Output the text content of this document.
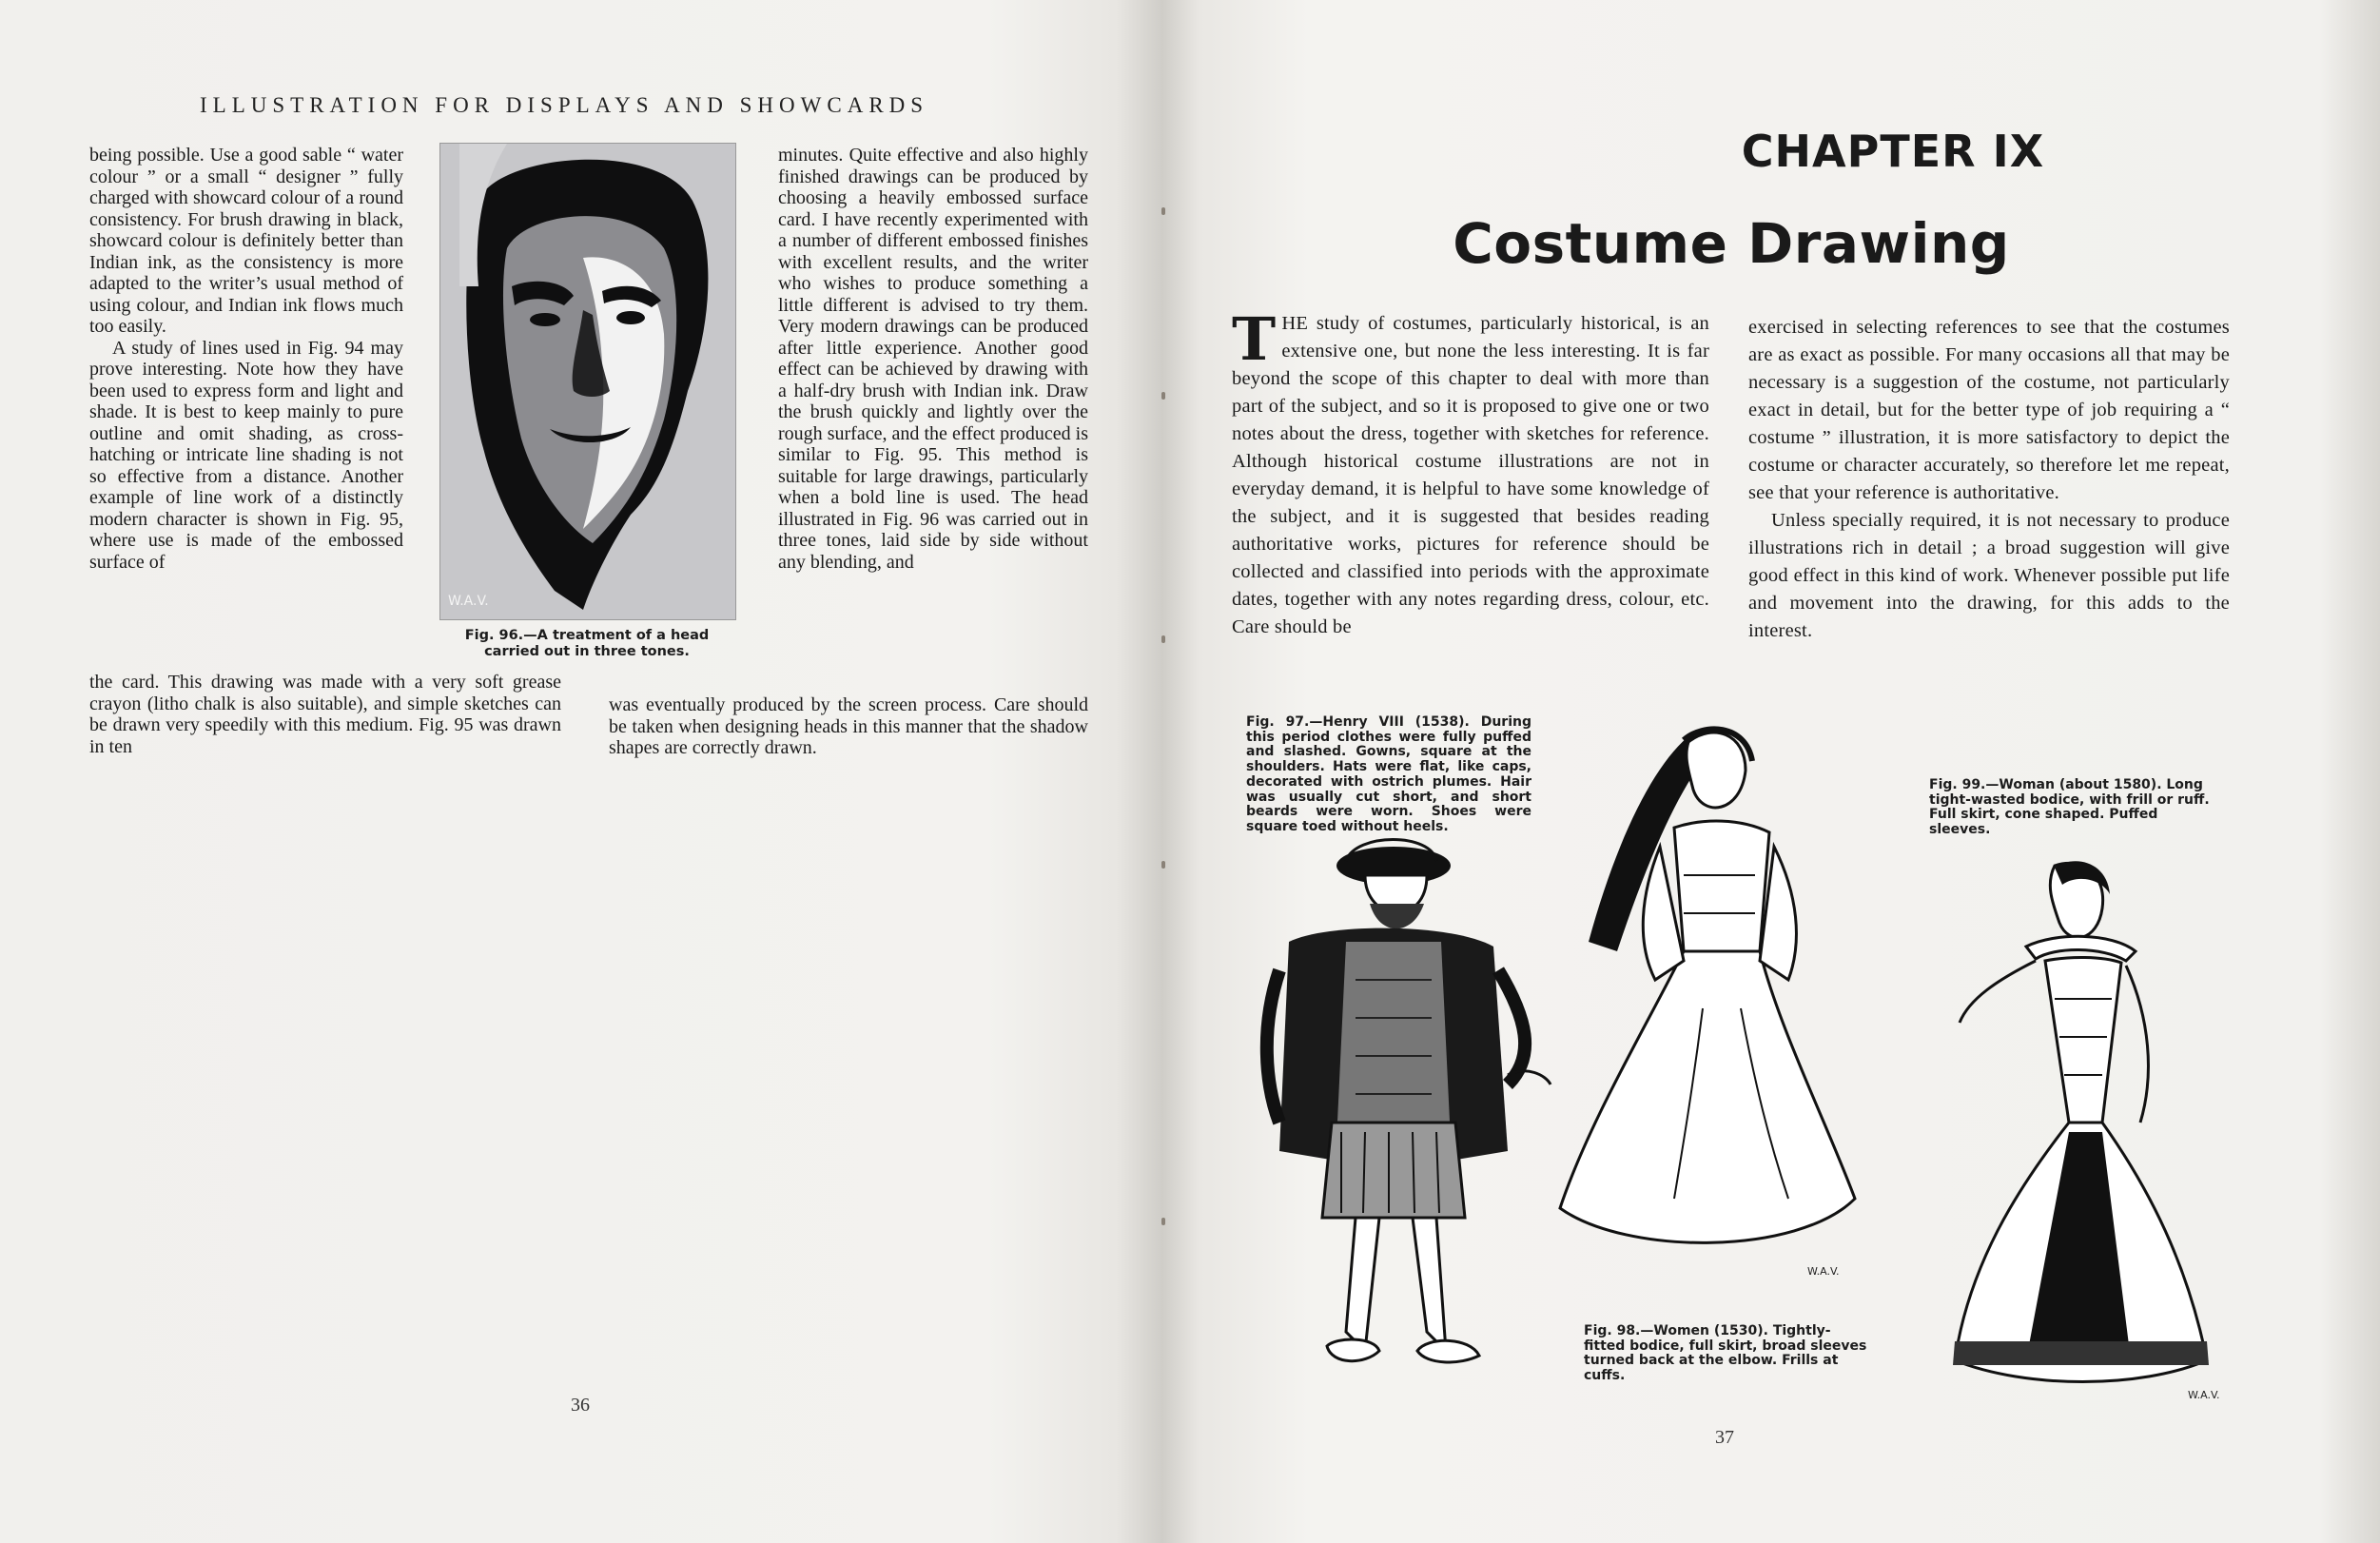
ILLUSTRATION FOR DISPLAYS AND SHOWCARDS

being possible. Use a good sable “ water colour ” or a small “ designer ” fully charged with showcard colour of a round consistency. For brush drawing in black, showcard colour is definitely better than Indian ink, as the consistency is more adapted to the writer’s usual method of using colour, and Indian ink flows much too easily.

A study of lines used in Fig. 94 may prove interesting. Note how they have been used to express form and light and shade. It is best to keep mainly to pure outline and omit shading, as cross-hatching or intricate line shading is not so effective from a distance. Another example of line work of a distinctly modern character is shown in Fig. 95, where use is made of the embossed surface of

the card. This drawing was made with a very soft grease crayon (litho chalk is also suitable), and simple sketches can be drawn very speedily with this medium. Fig. 95 was drawn in ten
W.A.V.
Fig. 96.—A treatment of a head carried out in three tones.
minutes. Quite effective and also highly finished drawings can be produced by choosing a heavily embossed surface card. I have recently experimented with a number of different embossed finishes with excellent results, and the writer who wishes to produce something a little different is advised to try them. Very modern drawings can be produced after little experience. Another good effect can be achieved by drawing with a half-dry brush with Indian ink. Draw the brush quickly and lightly over the rough surface, and the effect produced is similar to Fig. 95. This method is suitable for large drawings, particularly when a bold line is used. The head illustrated in Fig. 96 was carried out in three tones, laid side by side without any blending, and
was eventually produced by the screen process. Care should be taken when designing heads in this manner that the shadow shapes are correctly drawn.
36
CHAPTER IX
Costume Drawing

THE study of costumes, particularly historical, is an extensive one, but none the less interesting. It is far beyond the scope of this chapter to deal with more than part of the subject, and so it is proposed to give one or two notes about the dress, together with sketches for reference. Although historical costume illustrations are not in everyday demand, it is helpful to have some knowledge of the subject, and it is suggested that besides reading authoritative works, pictures for reference should be collected and classified into periods with the approximate dates, together with any notes regarding dress, colour, etc. Care should be

exercised in selecting references to see that the costumes are as exact as possible. For many occasions all that may be necessary is a suggestion of the costume, not particularly exact in detail, but for the better type of job requiring a “ costume ” illustration, it is more satisfactory to depict the costume or character accurately, so therefore let me repeat, see that your reference is authoritative.

Unless specially required, it is not necessary to produce illustrations rich in detail ; a broad suggestion will give good effect in this kind of work. Whenever possible put life and movement into the drawing, for this adds to the interest.

Fig. 97.—Henry VIII (1538). During this period clothes were fully puffed and slashed. Gowns, square at the shoulders. Hats were flat, like caps, decorated with ostrich plumes. Hair was usually cut short, and short beards were worn. Shoes were square toed without heels.
Fig. 98.—Women (1530). Tightly-fitted bodice, full skirt, broad sleeves turned back at the elbow. Frills at cuffs.
Fig. 99.—Woman (about 1580). Long tight-wasted bodice, with frill or ruff. Full skirt, cone shaped. Puffed sleeves.
W.A.V.
W.A.V.
37
